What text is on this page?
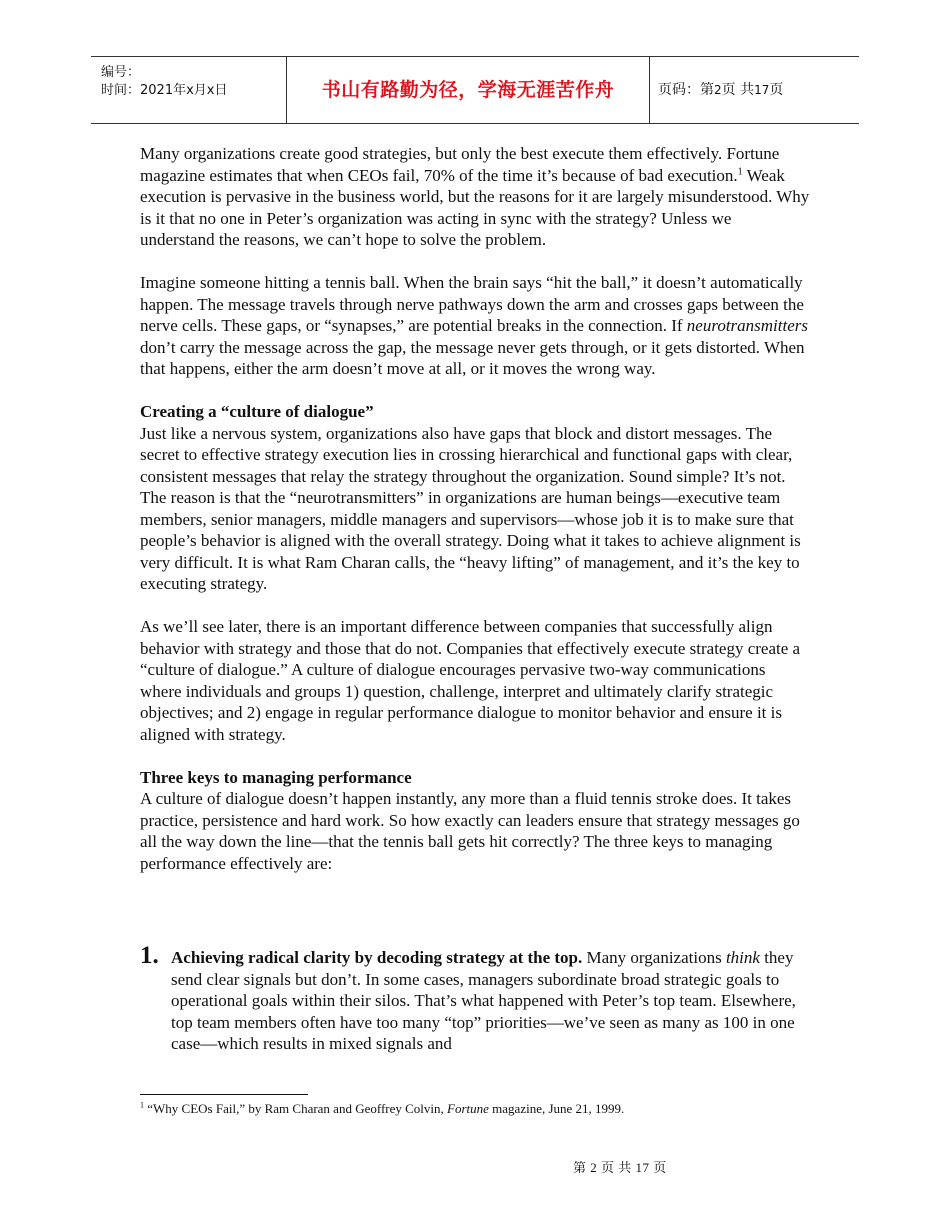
编号：
时间：2021年x月x日	书山有路勤为径，学海无涯苦作舟	页码：第2页 共17页

Many organizations create good strategies, but only the best execute them effectively. Fortune magazine estimates that when CEOs fail, 70% of the time it’s because of bad execution.$^1$ Weak execution is pervasive in the business world, but the reasons for it are largely misunderstood. Why is it that no one in Peter’s organization was acting in sync with the strategy? Unless we understand the reasons, we can’t hope to solve the problem.

Imagine someone hitting a tennis ball. When the brain says “hit the ball,” it doesn’t automatically happen. The message travels through nerve pathways down the arm and crosses gaps between the nerve cells. These gaps, or “synapses,” are potential breaks in the connection. If neurotransmitters don’t carry the message across the gap, the message never gets through, or it gets distorted. When that happens, either the arm doesn’t move at all, or it moves the wrong way.

Creating a “culture of dialogue”

Just like a nervous system, organizations also have gaps that block and distort messages. The secret to effective strategy execution lies in crossing hierarchical and functional gaps with clear, consistent messages that relay the strategy throughout the organization. Sound simple? It’s not. The reason is that the “neurotransmitters” in organizations are human beings—executive team members, senior managers, middle managers and supervisors—whose job it is to make sure that people’s behavior is aligned with the overall strategy. Doing what it takes to achieve alignment is very difficult. It is what Ram Charan calls, the “heavy lifting” of management, and it’s the key to executing strategy.

As we’ll see later, there is an important difference between companies that successfully align behavior with strategy and those that do not. Companies that effectively execute strategy create a “culture of dialogue.” A culture of dialogue encourages pervasive two-way communications where individuals and groups 1) question, challenge, interpret and ultimately clarify strategic objectives; and 2) engage in regular performance dialogue to monitor behavior and ensure it is aligned with strategy.

Three keys to managing performance

A culture of dialogue doesn’t happen instantly, any more than a fluid tennis stroke does. It takes practice, persistence and hard work. So how exactly can leaders ensure that strategy messages go all the way down the line—that the tennis ball gets hit correctly? The three keys to managing performance effectively are:

1. Achieving radical clarity by decoding strategy at the top. Many organizations think they send clear signals but don’t. In some cases, managers subordinate broad strategic goals to operational goals within their silos. That’s what happened with Peter’s top team. Elsewhere, top team members often have too many “top” priorities—we’ve seen as many as 100 in one case—which results in mixed signals and
$^1$ “Why CEOs Fail,” by Ram Charan and Geoffrey Colvin, Fortune magazine, June 21, 1999.
第 2 页 共 17 页
